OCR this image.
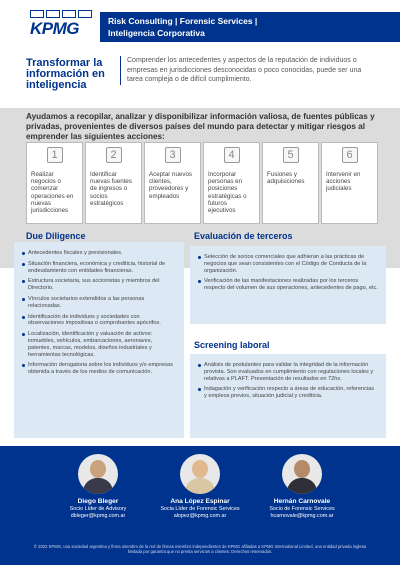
KPMG	Risk Consulting | Forensic Services |
Inteligencia Corporativa
Transformar la información en inteligencia
Comprender los antecedentes y aspectos de la reputación de individuos o empresas en jurisdicciones desconocidas o poco conocidas, puede ser una tarea compleja o de difícil cumplimiento.
Ayudamos a recopilar, analizar y disponibilizar información valiosa, de fuentes públicas y privadas, provenientes de diversos países del mundo para detectar y mitigar riesgos al emprender las siguientes acciones:
1
Realizar negocios o comenzar operaciones en nuevas jurisdicciones
2
Identificar nuevas fuentes de ingresos o socios estratégicos
3
Aceptar nuevos clientes, proveedores y empleados
4
Incorporar personas en posiciones estratégicas o futuros ejecutivos
5
Fusiones y adquisiciones
6
Intervenir en acciones judiciales
Due Diligence
Antecedentes fiscales y previsionales.
Situación financiera, económica y crediticia, historial de endeudamiento con entidades financieras.
Estructura societaria, sus accionistas y miembros del Directorio.
Vínculos societarios extendidos a las personas relacionadas.
Identificación de individuos y sociedades con observaciones impositivas o comprobantes apócrifos.
Localización, identificación y valuación de activos: inmuebles, vehículos, embarcaciones, aeronaves, patentes, marcas, modelos, diseños industriales y herramientas tecnológicas.
Información derogatoria sobre los individuos y/o empresas obtenida a través de los medios de comunicación.
Evaluación de terceros
Selección de socios comerciales que adhieran a las prácticas de negocios que sean consistentes con el Código de Conducta de la organización.
Verificación de las manifestaciones realizadas por los terceros respecto del volumen de sus operaciones, antecedentes de pago, etc.
Screening laboral
Análisis de postulantes para validar la integridad de la información provista. Son evaluados en cumplimiento con regulaciones locales y relativas a PLAFT. Presentación de resultados en 72hs.
Indagación y verificación respecto a áreas de educación, referencias y empleos previos, situación judicial y crediticia.
Diego Bleger
Socio Líder de Advisory
dbleger@kpmg.com.ar
Ana López Espinar
Socia Líder de Forensic Services
alopez@kpmg.com.ar
Hernán Carnovale
Socio de Forensic Services
hcarnovale@kpmg.com.ar
© 2022 KPMG, una sociedad argentina y firma miembro de la red de firmas miembro independientes de KPMG afiliadas a KPMG International Limited, una entidad privada inglesa limitada por garantía que no presta servicios a clientes. Derechos reservados.
